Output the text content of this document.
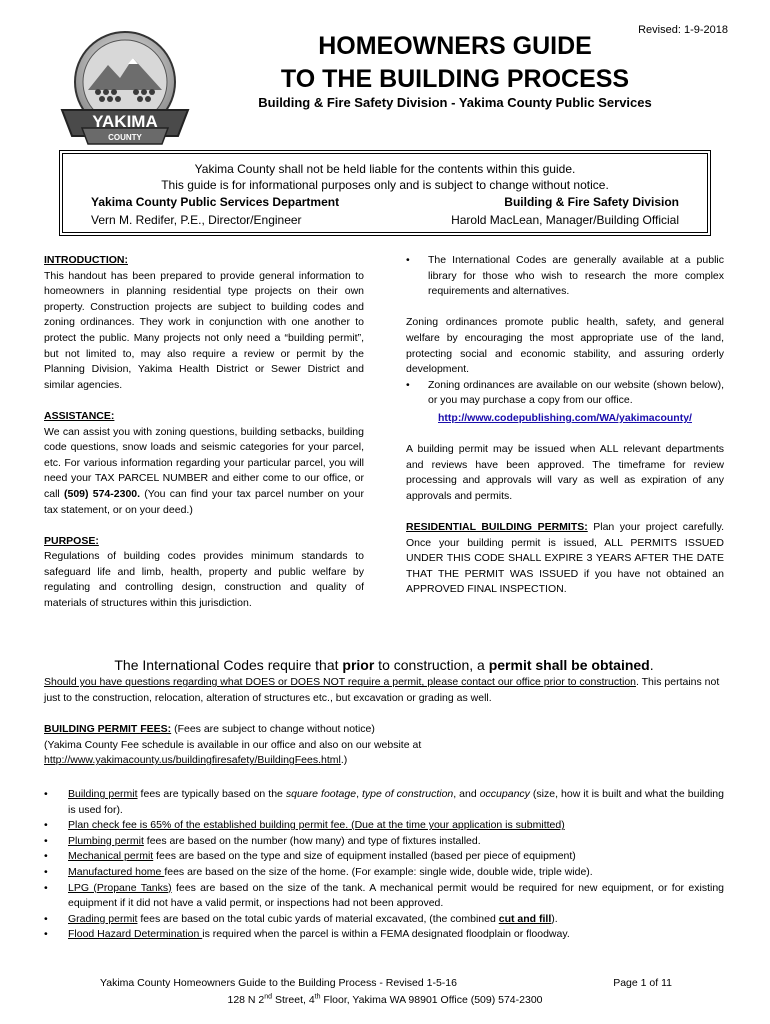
YAKIMA
COUNTY
Revised: 1-9-2018
HOMEOWNERS GUIDE
TO THE BUILDING PROCESS
Building & Fire Safety Division - Yakima County Public Services
Yakima County shall not be held liable for the contents within this guide.
This guide is for informational purposes only and is subject to change without notice.
Yakima County Public Services Department	Building & Fire Safety Division
Vern M. Redifer, P.E., Director/Engineer	Harold MacLean, Manager/Building Official
INTRODUCTION:
This handout has been prepared to provide general information to homeowners in planning residential type projects on their own property. Construction projects are subject to building codes and zoning ordinances. They work in conjunction with one another to protect the public. Many projects not only need a “building permit”, but not limited to, may also require a review or permit by the Planning Division, Yakima Health District or Sewer District and similar agencies.
ASSISTANCE:
We can assist you with zoning questions, building setbacks, building code questions, snow loads and seismic categories for your parcel, etc. For various information regarding your particular parcel, you will need your TAX PARCEL NUMBER and either come to our office, or call (509) 574-2300. (You can find your tax parcel number on your tax statement, or on your deed.)
PURPOSE:
Regulations of building codes provides minimum standards to safeguard life and limb, health, property and public welfare by regulating and controlling design, construction and quality of materials of structures within this jurisdiction.
•	The International Codes are generally available at a public library for those who wish to research the more complex requirements and alternatives.
Zoning ordinances promote public health, safety, and general welfare by encouraging the most appropriate use of the land, protecting social and economic stability, and assuring orderly development.
•	Zoning ordinances are available on our website (shown below), or you may purchase a copy from our office.
http://www.codepublishing.com/WA/yakimacounty/
A building permit may be issued when ALL relevant departments and reviews have been approved. The timeframe for review processing and approvals will vary as well as expiration of any approvals and permits.
RESIDENTIAL BUILDING PERMITS: Plan your project carefully. Once your building permit is issued, ALL PERMITS ISSUED UNDER THIS CODE SHALL EXPIRE 3 YEARS AFTER THE DATE THAT THE PERMIT WAS ISSUED if you have not obtained an APPROVED FINAL INSPECTION.
The International Codes require that prior to construction, a permit shall be obtained.
Should you have questions regarding what DOES or DOES NOT require a permit, please contact our office prior to construction. This pertains not just to the construction, relocation, alteration of structures etc., but excavation or grading as well.
BUILDING PERMIT FEES: (Fees are subject to change without notice)
(Yakima County Fee schedule is available in our office and also on our website at
http://www.yakimacounty.us/buildingfiresafety/BuildingFees.html.)
•	Building permit fees are typically based on the square footage, type of construction, and occupancy (size, how it is built and what the building is used for).
•	Plan check fee is 65% of the established building permit fee. (Due at the time your application is submitted)
•	Plumbing permit fees are based on the number (how many) and type of fixtures installed.
•	Mechanical permit fees are based on the type and size of equipment installed (based per piece of equipment)
•	Manufactured home fees are based on the size of the home. (For example: single wide, double wide, triple wide).
•	LPG (Propane Tanks) fees are based on the size of the tank. A mechanical permit would be required for new equipment, or for existing equipment if it did not have a valid permit, or inspections had not been approved.
•	Grading permit fees are based on the total cubic yards of material excavated, (the combined cut and fill).
•	Flood Hazard Determination is required when the parcel is within a FEMA designated floodplain or floodway.
Yakima County Homeowners Guide to the Building Process - Revised 1-5-16	Page 1 of 11
128 N 2nd Street, 4th Floor, Yakima WA 98901 Office (509) 574-2300
